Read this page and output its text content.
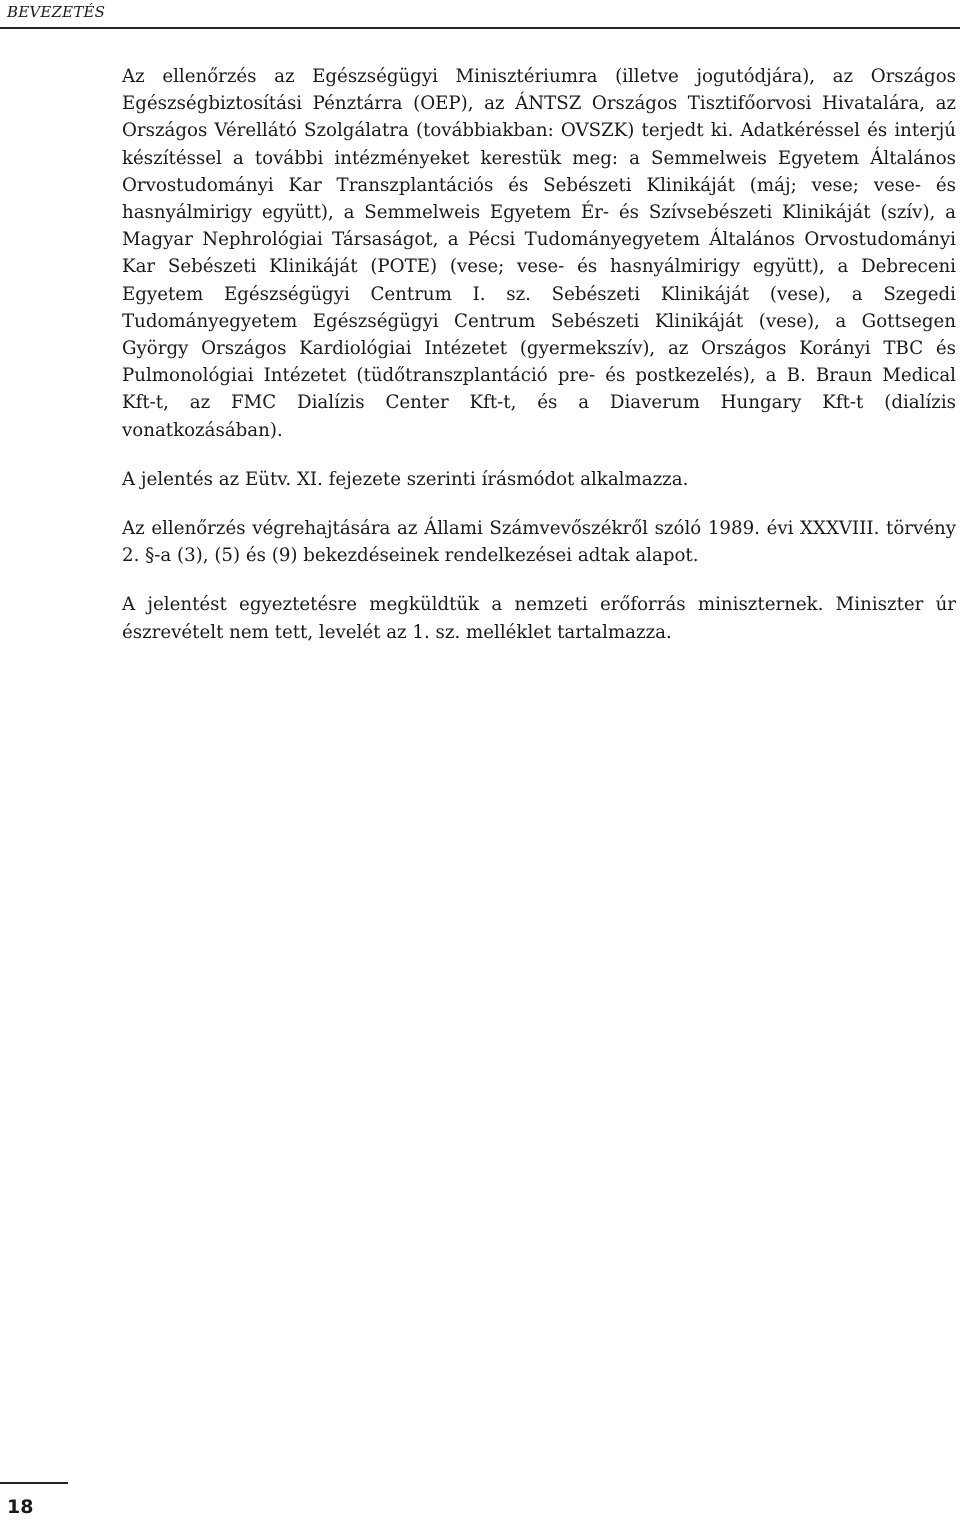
BEVEZETÉS

Az ellenőrzés az Egészségügyi Minisztériumra (illetve jogutódjára), az Országos Egészségbiztosítási Pénztárra (OEP), az ÁNTSZ Országos Tisztifőorvosi Hivatalára, az Országos Vérellátó Szolgálatra (továbbiakban: OVSZK) terjedt ki. Adatkéréssel és interjú készítéssel a további intézményeket kerestük meg: a Semmelweis Egyetem Általános Orvostudományi Kar Transzplantációs és Sebészeti Klinikáját (máj; vese; vese- és hasnyálmirigy együtt), a Semmelweis Egyetem Ér- és Szívsebészeti Klinikáját (szív), a Magyar Nephrológiai Társaságot, a Pécsi Tudományegyetem Általános Orvostudományi Kar Sebészeti Klinikáját (POTE) (vese; vese- és hasnyálmirigy együtt), a Debreceni Egyetem Egészségügyi Centrum I. sz. Sebészeti Klinikáját (vese), a Szegedi Tudományegyetem Egészségügyi Centrum Sebészeti Klinikáját (vese), a Gottsegen György Országos Kardiológiai Intézetet (gyermekszív), az Országos Korányi TBC és Pulmonológiai Intézetet (tüdőtranszplantáció pre- és postkezelés), a B. Braun Medical Kft-t, az FMC Dialízis Center Kft-t, és a Diaverum Hungary Kft-t (dialízis vonatkozásában).

A jelentés az Eütv. XI. fejezete szerinti írásmódot alkalmazza.

Az ellenőrzés végrehajtására az Állami Számvevőszékről szóló 1989. évi XXXVIII. törvény 2. §-a (3), (5) és (9) bekezdéseinek rendelkezései adtak alapot.

A jelentést egyeztetésre megküldtük a nemzeti erőforrás miniszternek. Miniszter úr észrevételt nem tett, levelét az 1. sz. melléklet tartalmazza.

18
